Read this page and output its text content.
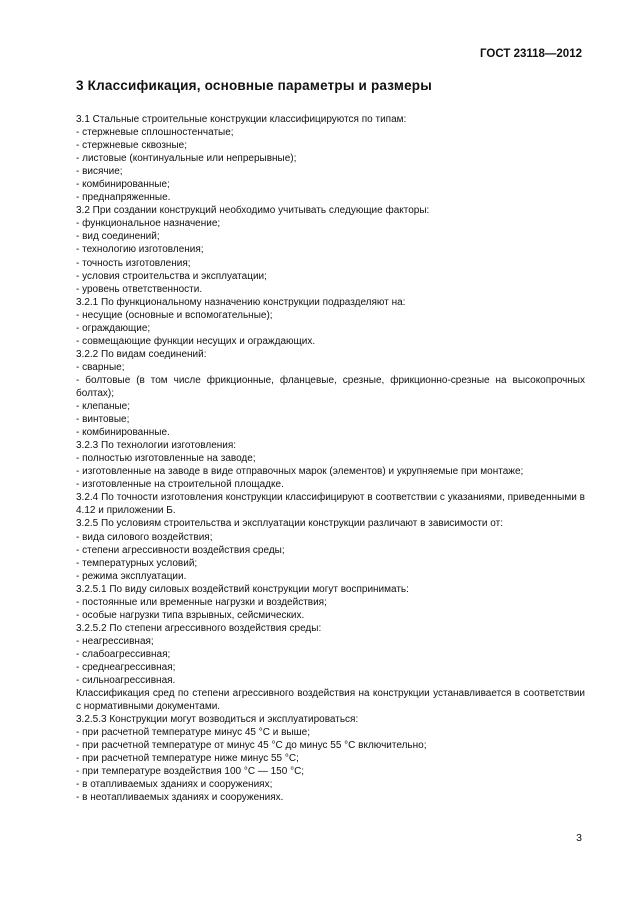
ГОСТ 23118—2012
3 Классификация, основные параметры и размеры
3.1 Стальные строительные конструкции классифицируются по типам:
- стержневые сплошностенчатые;
- стержневые сквозные;
- листовые (континуальные или непрерывные);
- висячие;
- комбинированные;
- преднапряженные.
3.2 При создании конструкций необходимо учитывать следующие факторы:
- функциональное назначение;
- вид соединений;
- технологию изготовления;
- точность изготовления;
- условия строительства и эксплуатации;
- уровень ответственности.
3.2.1 По функциональному назначению конструкции подразделяют на:
- несущие (основные и вспомогательные);
- ограждающие;
- совмещающие функции несущих и ограждающих.
3.2.2 По видам соединений:
- сварные;
- болтовые (в том числе фрикционные, фланцевые, срезные, фрикционно-срезные на высокопрочных болтах);
- клепаные;
- винтовые;
- комбинированные.
3.2.3 По технологии изготовления:
- полностью изготовленные на заводе;
- изготовленные на заводе в виде отправочных марок (элементов) и укрупняемые при монтаже;
- изготовленные на строительной площадке.
3.2.4 По точности изготовления конструкции классифицируют в соответствии с указаниями, приведенными в 4.12 и приложении Б.
3.2.5 По условиям строительства и эксплуатации конструкции различают в зависимости от:
- вида силового воздействия;
- степени агрессивности воздействия среды;
- температурных условий;
- режима эксплуатации.
3.2.5.1 По виду силовых воздействий конструкции могут воспринимать:
- постоянные или временные нагрузки и воздействия;
- особые нагрузки типа взрывных, сейсмических.
3.2.5.2 По степени агрессивного воздействия среды:
- неагрессивная;
- слабоагрессивная;
- среднеагрессивная;
- сильноагрессивная.
Классификация сред по степени агрессивного воздействия на конструкции устанавливается в соответствии с нормативными документами.
3.2.5.3 Конструкции могут возводиться и эксплуатироваться:
- при расчетной температуре минус 45 °С и выше;
- при расчетной температуре от минус 45 °С до минус 55 °С включительно;
- при расчетной температуре ниже минус 55 °С;
- при температуре воздействия 100 °С — 150 °С;
- в отапливаемых зданиях и сооружениях;
- в неотапливаемых зданиях и сооружениях.
3
